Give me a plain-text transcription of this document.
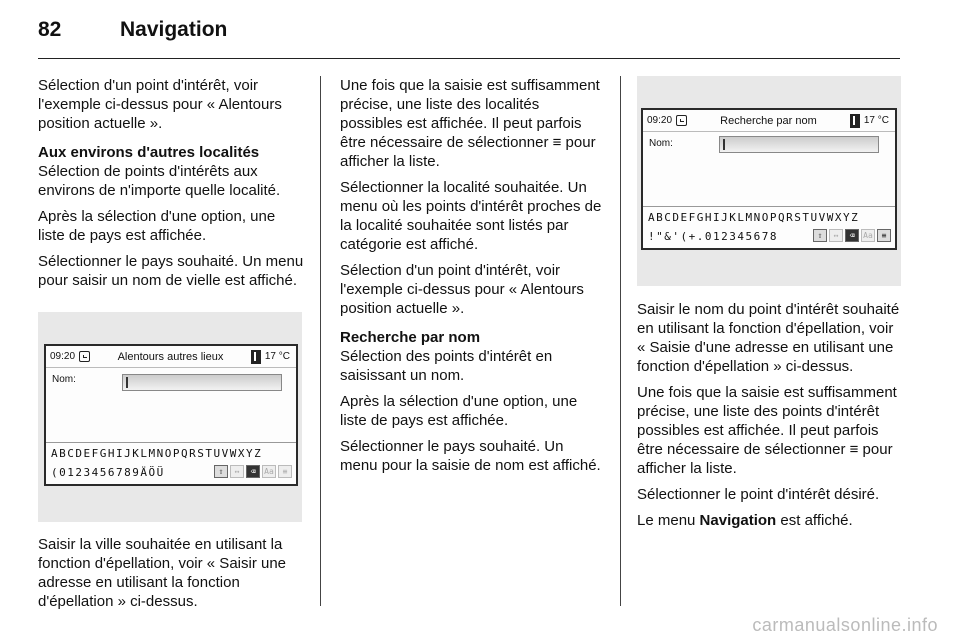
82	Navigation

Sélection d'un point d'intérêt, voir l'exemple ci-dessus pour « Alentours position actuelle ».

Aux environs d'autres localités

Sélection de points d'intérêts aux environs de n'importe quelle localité.

Après la sélection d'une option, une liste de pays est affichée.

Sélectionner le pays souhaité. Un menu pour saisir un nom de vielle est affiché.

09:20	Alentours autres lieux	17 °C
Nom:
ABCDEFGHIJKLMNOPQRSTUVWXYZ
(0123456789ÄÖÜ	⇧	↔	⌫	Aa	≡

Saisir la ville souhaitée en utilisant la fonction d'épellation, voir « Saisir une adresse en utilisant la fonction d'épellation » ci-dessus.

Une fois que la saisie est suffisamment précise, une liste des localités possibles est affichée. Il peut parfois être nécessaire de sélectionner ≡ pour afficher la liste.

Sélectionner la localité souhaitée. Un menu où les points d'intérêt proches de la localité souhaitée sont listés par catégorie est affiché.

Sélection d'un point d'intérêt, voir l'exemple ci-dessus pour « Alentours position actuelle ».

Recherche par nom

Sélection des points d'intérêt en saisissant un nom.

Après la sélection d'une option, une liste de pays est affichée.

Sélectionner le pays souhaité. Un menu pour la saisie de nom est affiché.

09:20	Recherche par nom	17 °C
Nom:
ABCDEFGHIJKLMNOPQRSTUVWXYZ
!"&'(+.012345678	⇧	↔	⌫	Aa	≡

Saisir le nom du point d'intérêt souhaité en utilisant la fonction d'épellation, voir « Saisie d'une adresse en utilisant une fonction d'épellation » ci-dessus.

Une fois que la saisie est suffisamment précise, une liste des points d'intérêt possibles est affichée. Il peut parfois être nécessaire de sélectionner ≡ pour afficher la liste.

Sélectionner le point d'intérêt désiré.

Le menu Navigation est affiché.

carmanualsonline.info
